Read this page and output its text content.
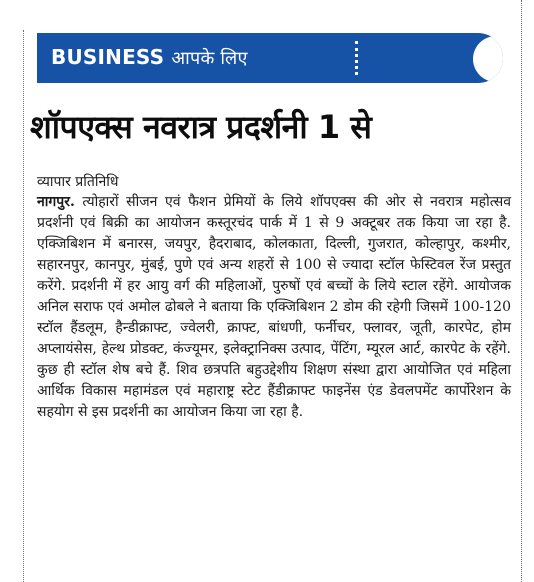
BUSINESS आपके लिए
शॉपएक्स नवरात्र प्रदर्शनी 1 से
व्यापार प्रतिनिधि

नागपुर. त्योहारों सीजन एवं फैशन प्रेमियों के लिये शॉपएक्स की ओर से नवरात्र महोत्सव प्रदर्शनी एवं बिक्री का आयोजन कस्तूरचंद पार्क में 1 से 9 अक्टूबर तक किया जा रहा है. एक्जिबिशन में बनारस, जयपुर, हैदराबाद, कोलकाता, दिल्ली, गुजरात, कोल्हापुर, कश्मीर, सहारनपुर, कानपुर, मुंबई, पुणे एवं अन्य शहरों से 100 से ज्यादा स्टॉल फेस्टिवल रेंज प्रस्तुत करेंगे. प्रदर्शनी में हर आयु वर्ग की महिलाओं, पुरुषों एवं बच्चों के लिये स्टाल रहेंगे. आयोजक अनिल सराफ एवं अमोल ढोबले ने बताया कि एक्जिबिशन 2 डोम की रहेगी जिसमें 100-120 स्टॉल हैंडलूम, हैन्डीक्राफ्ट, ज्वेलरी, क्राफ्ट, बांधणी, फर्नीचर, फ्लावर, जूती, कारपेट, होम अप्लायंसेस, हेल्थ प्रोडक्ट, कंज्यूमर, इलेक्ट्रानिक्स उत्पाद, पेंटिंग, म्यूरल आर्ट, कारपेट के रहेंगे. कुछ ही स्टॉल शेष बचे हैं. शिव छत्रपति बहुउद्देशीय शिक्षण संस्था द्वारा आयोजित एवं महिला आर्थिक विकास महामंडल एवं महाराष्ट्र स्टेट हैंडीक्राफ्ट फाइनेंस एंड डेवलपमेंट कार्पोरेशन के सहयोग से इस प्रदर्शनी का आयोजन किया जा रहा है.
